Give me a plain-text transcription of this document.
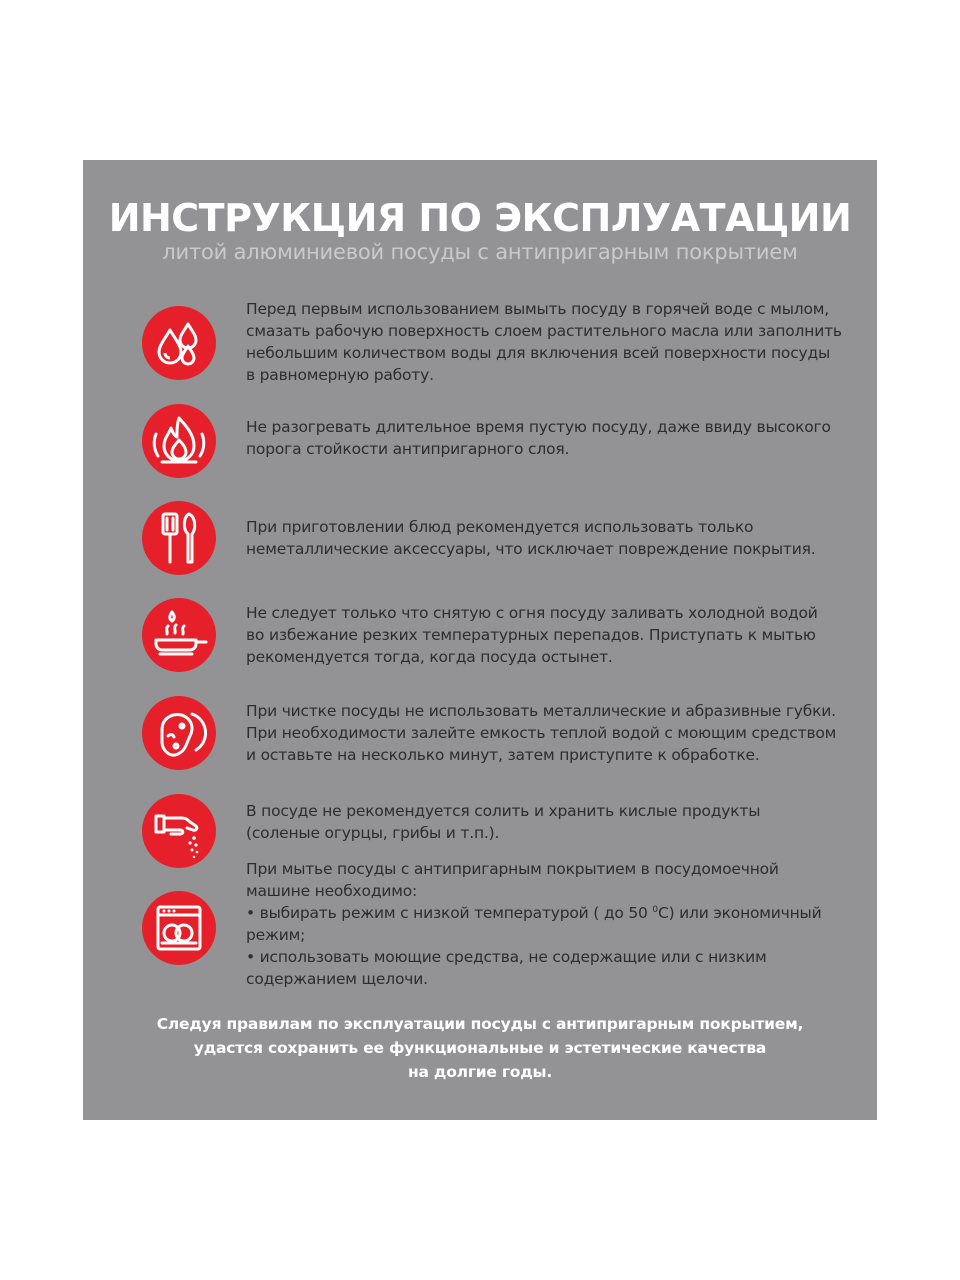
ИНСТРУКЦИЯ ПО ЭКСПЛУАТАЦИИ
литой алюминиевой посуды с антипригарным покрытием
Перед первым использованием вымыть посуду в горячей воде с мылом,
смазать рабочую поверхность слоем растительного масла или заполнить
небольшим количеством воды для включения всей поверхности посуды
в равномерную работу.
Не разогревать длительное время пустую посуду, даже ввиду высокого
порога стойкости антипригарного слоя.
При приготовлении блюд рекомендуется использовать только
неметаллические аксессуары, что исключает повреждение покрытия.
Не следует только что снятую с огня посуду заливать холодной водой
во избежание резких температурных перепадов. Приступать к мытью
рекомендуется тогда, когда посуда остынет.
При чистке посуды не использовать металлические и абразивные губки.
При необходимости залейте емкость теплой водой с моющим средством
и оставьте на несколько минут, затем приступите к обработке.
В посуде не рекомендуется солить и хранить кислые продукты
(соленые огурцы, грибы и т.п.).
При мытье посуды с антипригарным покрытием в посудомоечной
машине необходимо:
• выбирать режим с низкой температурой ( до 50 $^0$С) или экономичный
режим;
• использовать моющие средства, не содержащие или с низким
содержанием щелочи.
Следуя правилам по эксплуатации посуды с антипригарным покрытием,
удастся сохранить ее функциональные и эстетические качества
на долгие годы.
